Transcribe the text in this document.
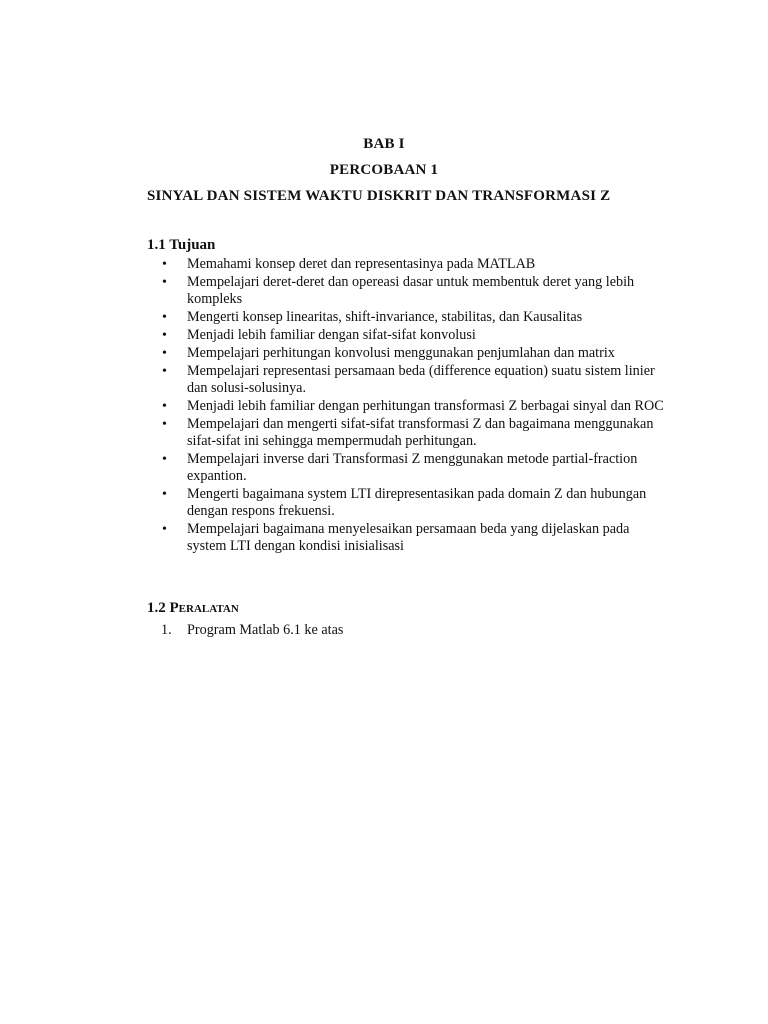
BAB I
PERCOBAAN 1
SINYAL DAN SISTEM WAKTU DISKRIT DAN TRANSFORMASI Z
1.1 Tujuan
• Memahami konsep deret dan representasinya pada MATLAB
• Mempelajari deret-deret dan opereasi dasar untuk membentuk deret yang lebih kompleks
• Mengerti konsep linearitas, shift-invariance, stabilitas, dan Kausalitas
• Menjadi lebih familiar dengan sifat-sifat konvolusi
• Mempelajari perhitungan konvolusi menggunakan penjumlahan dan matrix
• Mempelajari representasi persamaan beda (difference equation) suatu sistem linier dan solusi-solusinya.
• Menjadi lebih familiar dengan perhitungan transformasi Z berbagai sinyal dan ROC
• Mempelajari dan mengerti sifat-sifat transformasi Z dan bagaimana menggunakan sifat-sifat ini sehingga mempermudah perhitungan.
• Mempelajari inverse dari Transformasi Z menggunakan metode partial-fraction expantion.
• Mengerti bagaimana system LTI direpresentasikan pada domain Z dan hubungan dengan respons frekuensi.
• Mempelajari bagaimana menyelesaikan persamaan beda yang dijelaskan pada system LTI dengan kondisi inisialisasi
1.2 Peralatan
1. Program Matlab 6.1 ke atas
